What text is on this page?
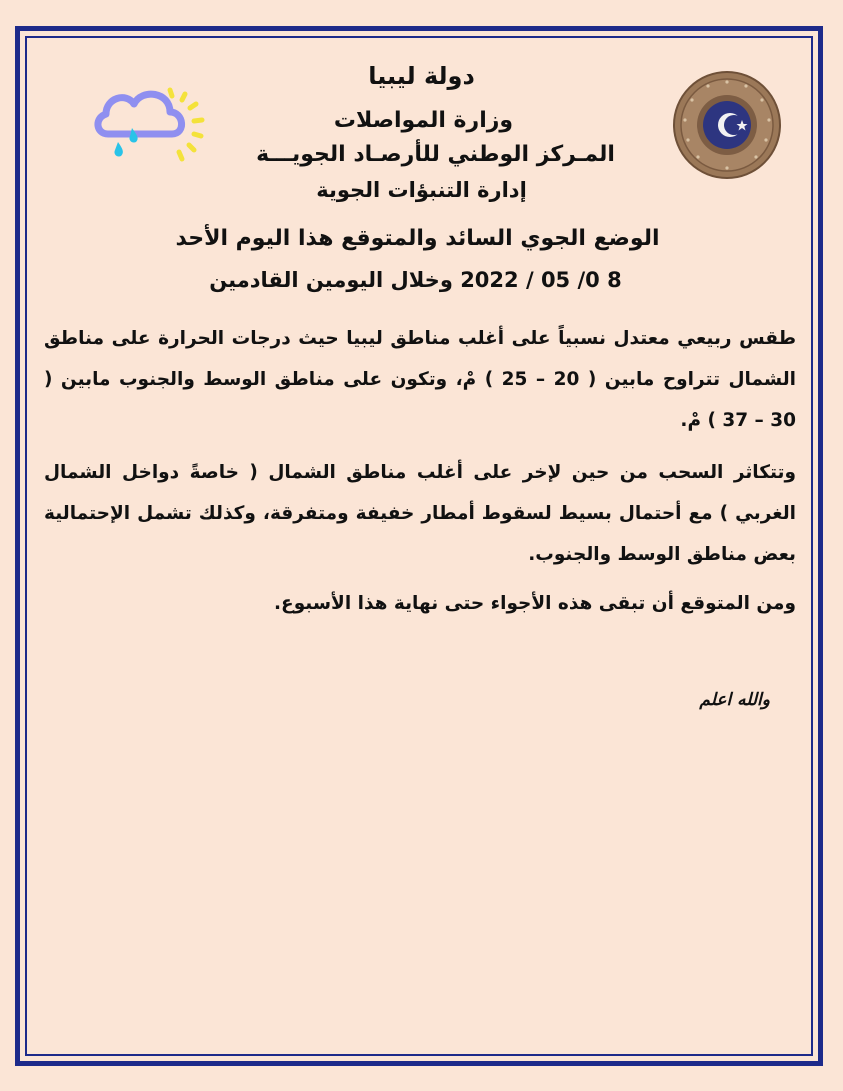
دولة ليبيا
وزارة المواصلات
المـركز الوطني للأرصـاد الجويـــة
إدارة التنبؤات الجوية
الوضع الجوي السائد والمتوقع هذا اليوم الأحد
8 0/ 05 / 2022 وخلال اليومين القادمين
طقس ربيعي معتدل نسبياً على أغلب مناطق ليبيا حيث درجات الحرارة على مناطق الشمال تتراوح مابين ( 20 – 25 ) مْ، وتكون على مناطق الوسط والجنوب مابين ( 30 – 37 ) مْ.
وتتكاثر السحب من حين لإخر على أغلب مناطق الشمال ( خاصةً دواخل الشمال الغربي ) مع أحتمال بسيط لسقوط أمطار خفيفة ومتفرقة، وكذلك تشمل الإحتمالية بعض مناطق الوسط والجنوب.
ومن المتوقع أن تبقى هذه الأجواء حتى نهاية هذا الأسبوع.
والله اعلم
